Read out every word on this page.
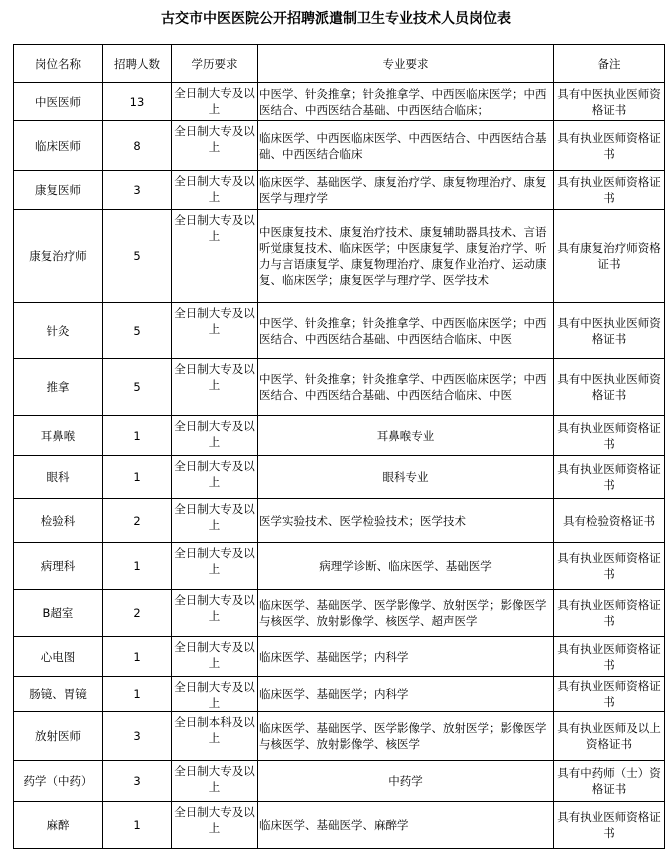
古交市中医医院公开招聘派遣制卫生专业技术人员岗位表
岗位名称	招聘人数	学历要求	专业要求	备注
中医医师	13	全日制大专及以上	中医学、针灸推拿；针灸推拿学、中西医临床医学；中西医结合、中西医结合基础、中西医结合临床；	具有中医执业医师资格证书
临床医师	8	全日制大专及以上	临床医学、中西医临床医学、中西医结合、中西医结合基础、中西医结合临床	具有执业医师资格证书
康复医师	3	全日制大专及以上	临床医学、基础医学、康复治疗学、康复物理治疗、康复医学与理疗学	具有执业医师资格证书
康复治疗师	5	全日制大专及以上	中医康复技术、康复治疗技术、康复辅助器具技术、言语听觉康复技术、临床医学；中医康复学、康复治疗学、听力与言语康复学、康复物理治疗、康复作业治疗、运动康复、临床医学；康复医学与理疗学、医学技术	具有康复治疗师资格证书
针灸	5	全日制大专及以上	中医学、针灸推拿；针灸推拿学、中西医临床医学；中西医结合、中西医结合基础、中西医结合临床、中医	具有中医执业医师资格证书
推拿	5	全日制大专及以上	中医学、针灸推拿；针灸推拿学、中西医临床医学；中西医结合、中西医结合基础、中西医结合临床、中医	具有中医执业医师资格证书
耳鼻喉	1	全日制大专及以上	耳鼻喉专业	具有执业医师资格证书
眼科	1	全日制大专及以上	眼科专业	具有执业医师资格证书
检验科	2	全日制大专及以上	医学实验技术、医学检验技术；医学技术	具有检验资格证书
病理科	1	全日制大专及以上	病理学诊断、临床医学、基础医学	具有执业医师资格证书
B超室	2	全日制大专及以上	临床医学、基础医学、医学影像学、放射医学；影像医学与核医学、放射影像学、核医学、超声医学	具有执业医师资格证书
心电图	1	全日制大专及以上	临床医学、基础医学；内科学	具有执业医师资格证书
肠镜、胃镜	1	全日制大专及以上	临床医学、基础医学；内科学	具有执业医师资格证书
放射医师	3	全日制本科及以上	临床医学、基础医学、医学影像学、放射医学；影像医学与核医学、放射影像学、核医学	具有执业医师及以上资格证书
药学（中药）	3	全日制大专及以上	中药学	具有中药师（士）资格证书
麻醉	1	全日制大专及以上	临床医学、基础医学、麻醉学	具有执业医师资格证书
